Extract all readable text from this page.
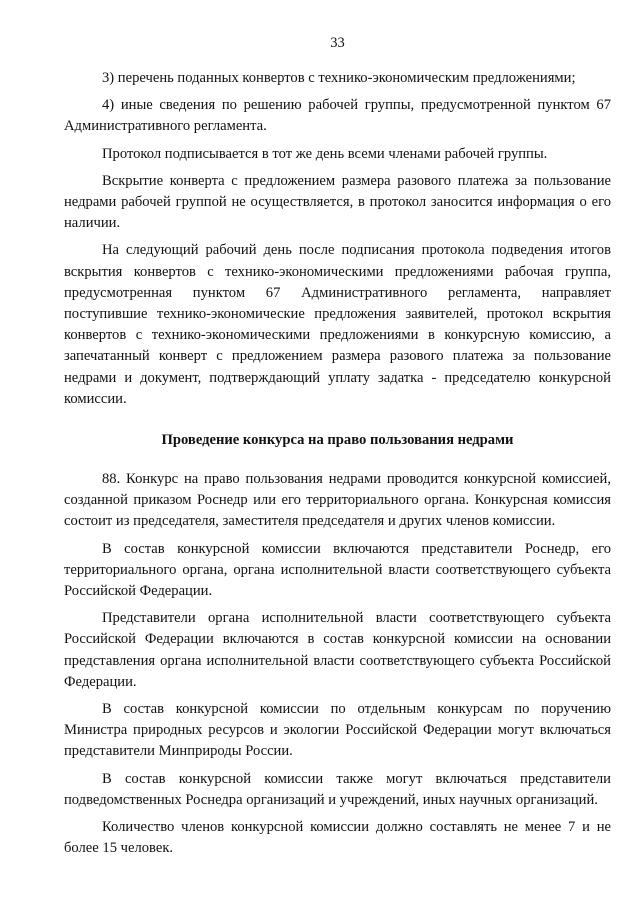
33

3) перечень поданных конвертов с технико-экономическим предложениями;

4) иные сведения по решению рабочей группы, предусмотренной пунктом 67 Административного регламента.

Протокол подписывается в тот же день всеми членами рабочей группы.

Вскрытие конверта с предложением размера разового платежа за пользование недрами рабочей группой не осуществляется, в протокол заносится информация о его наличии.

На следующий рабочий день после подписания протокола подведения итогов вскрытия конвертов с технико-экономическими предложениями рабочая группа, предусмотренная пунктом 67 Административного регламента, направляет поступившие технико-экономические предложения заявителей, протокол вскрытия конвертов с технико-экономическими предложениями в конкурсную комиссию, а запечатанный конверт с предложением размера разового платежа за пользование недрами и документ, подтверждающий уплату задатка - председателю конкурсной комиссии.

Проведение конкурса на право пользования недрами

88. Конкурс на право пользования недрами проводится конкурсной комиссией, созданной приказом Роснедр или его территориального органа. Конкурсная комиссия состоит из председателя, заместителя председателя и других членов комиссии.

В состав конкурсной комиссии включаются представители Роснедр, его территориального органа, органа исполнительной власти соответствующего субъекта Российской Федерации.

Представители органа исполнительной власти соответствующего субъекта Российской Федерации включаются в состав конкурсной комиссии на основании представления органа исполнительной власти соответствующего субъекта Российской Федерации.

В состав конкурсной комиссии по отдельным конкурсам по поручению Министра природных ресурсов и экологии Российской Федерации могут включаться представители Минприроды России.

В состав конкурсной комиссии также могут включаться представители подведомственных Роснедра организаций и учреждений, иных научных организаций.

Количество членов конкурсной комиссии должно составлять не менее 7 и не более 15 человек.
